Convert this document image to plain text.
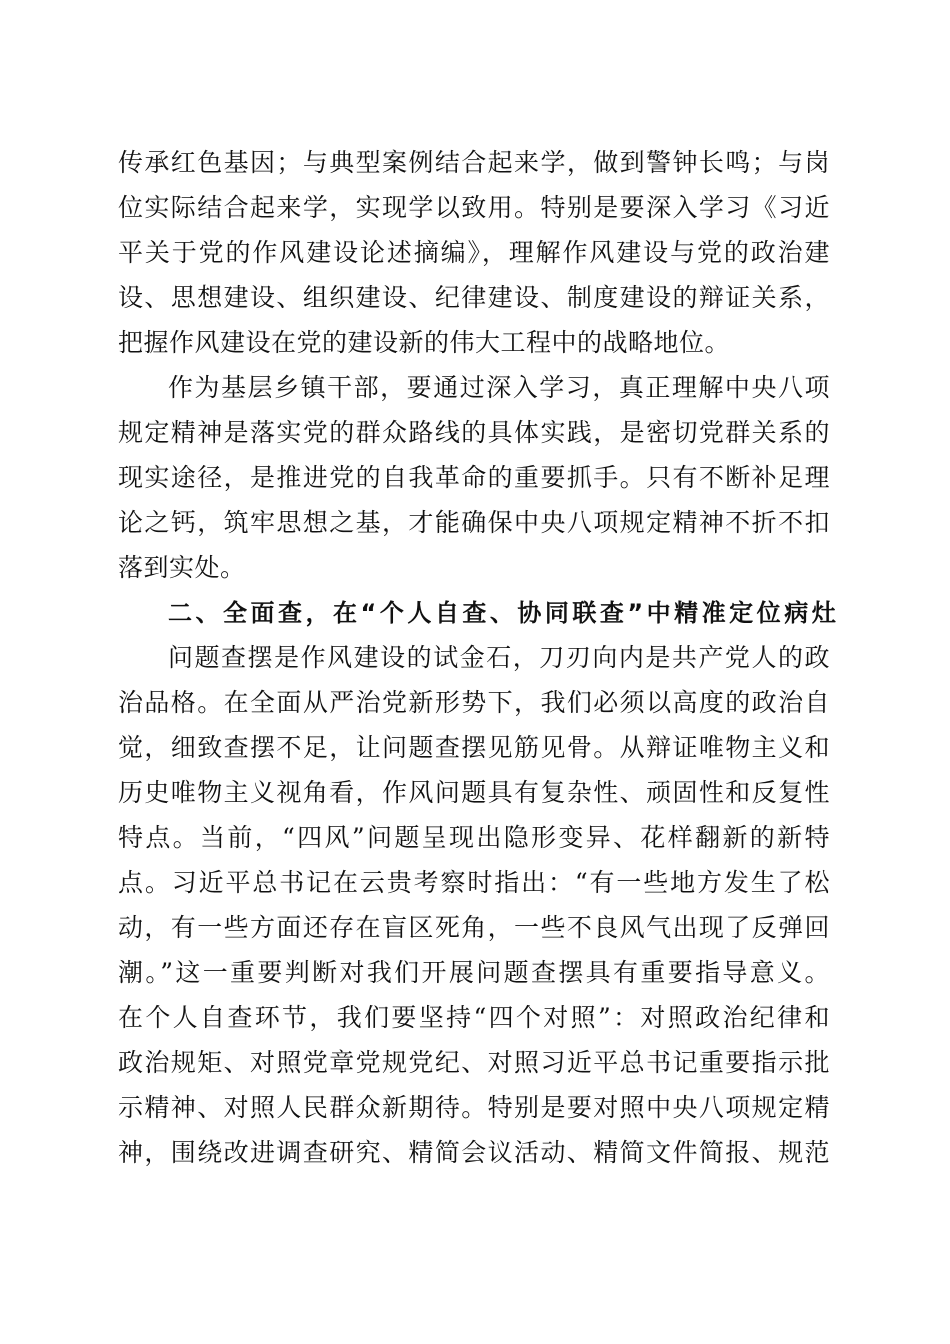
传承红色基因；与典型案例结合起来学，做到警钟长鸣；与岗
位实际结合起来学，实现学以致用。特别是要深入学习《习近
平关于党的作风建设论述摘编》，理解作风建设与党的政治建
设、思想建设、组织建设、纪律建设、制度建设的辩证关系，
把握作风建设在党的建设新的伟大工程中的战略地位。
作为基层乡镇干部，要通过深入学习，真正理解中央八项
规定精神是落实党的群众路线的具体实践，是密切党群关系的
现实途径，是推进党的自我革命的重要抓手。只有不断补足理
论之钙，筑牢思想之基，才能确保中央八项规定精神不折不扣
落到实处。
二、全面查，在“个人自查、协同联查”中精准定位病灶
问题查摆是作风建设的试金石，刀刃向内是共产党人的政
治品格。在全面从严治党新形势下，我们必须以高度的政治自
觉，细致查摆不足，让问题查摆见筋见骨。从辩证唯物主义和
历史唯物主义视角看，作风问题具有复杂性、顽固性和反复性
特点。当前，“四风”问题呈现出隐形变异、花样翻新的新特
点。习近平总书记在云贵考察时指出：“有一些地方发生了松
动，有一些方面还存在盲区死角，一些不良风气出现了反弹回
潮。”这一重要判断对我们开展问题查摆具有重要指导意义。
在个人自查环节，我们要坚持“四个对照”：对照政治纪律和
政治规矩、对照党章党规党纪、对照习近平总书记重要指示批
示精神、对照人民群众新期待。特别是要对照中央八项规定精
神，围绕改进调查研究、精简会议活动、精简文件简报、规范
